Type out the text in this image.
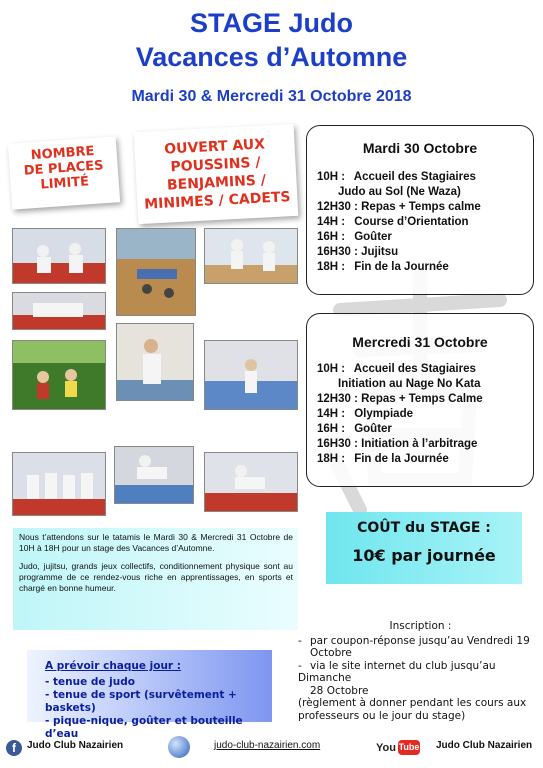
STAGE Judo
Vacances d’Automne
Mardi 30 & Mercredi 31 Octobre 2018
NOMBRE
DE PLACES
LIMITÉ
OUVERT AUX
POUSSINS /
BENJAMINS /
MINIMES / CADETS
Mardi 30 Octobre
10H : Accueil des Stagiaires
Judo au Sol (Ne Waza)
12H30 : Repas + Temps calme
14H : Course d’Orientation
16H : Goûter
16H30 : Jujitsu
18H : Fin de la Journée
Mercredi 31 Octobre
10H : Accueil des Stagiaires
Initiation au Nage No Kata
12H30 : Repas + Temps Calme
14H : Olympiade
16H : Goûter
16H30 : Initiation à l’arbitrage
18H : Fin de la Journée
COÛT du STAGE :
10€ par journée

Nous t’attendons sur le tatamis le Mardi 30 & Mercredi 31 Octobre de 10H à 18H pour un stage des Vacances d’Automne.

Judo, jujitsu, grands jeux collectifs, conditionnement physique sont au programme de ce rendez-vous riche en apprentissages, en sports et chargé en bonne humeur.

Inscription :
- par coupon-réponse jusqu’au Vendredi 19
Octobre
- via le site internet du club jusqu’au Dimanche
28 Octobre
(règlement à donner pendant les cours aux
professeurs ou le jour du stage)
A prévoir chaque jour :
- tenue de judo
- tenue de sport (survêtement + baskets)
- pique-nique, goûter et bouteille d’eau
f	Judo Club Nazairien	judo-club-nazairien.com	You Tube Judo Club Nazairien
